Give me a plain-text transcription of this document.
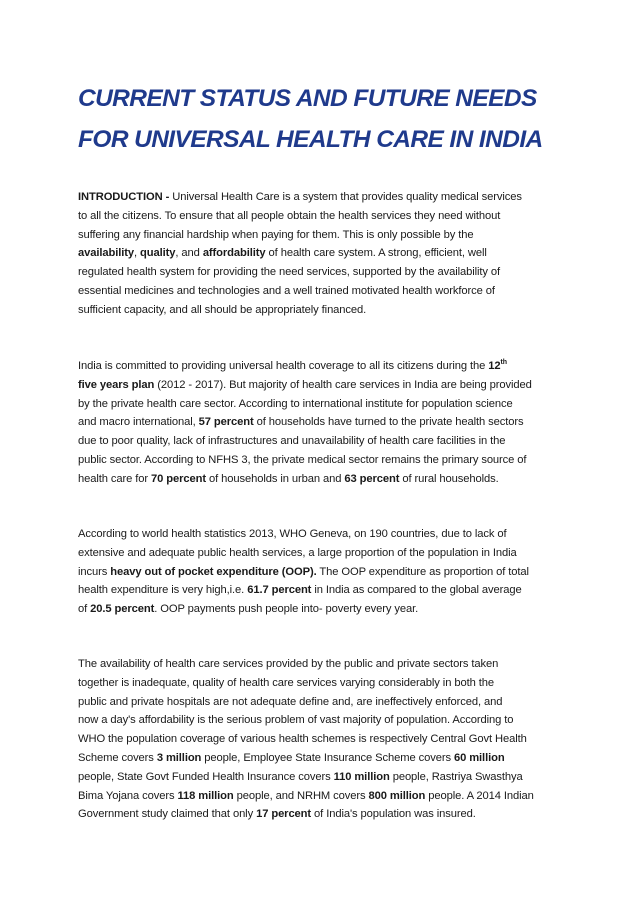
CURRENT STATUS AND FUTURE NEEDS
FOR UNIVERSAL HEALTH CARE IN INDIA

INTRODUCTION - Universal Health Care is a system that provides quality medical services
to all the citizens. To ensure that all people obtain the health services they need without
suffering any financial hardship when paying for them. This is only possible by the
availability, quality, and affordability of health care system. A strong, efficient, well
regulated health system for providing the need services, supported by the availability of
essential medicines and technologies and a well trained motivated health workforce of
sufficient capacity, and all should be appropriately financed.

India is committed to providing universal health coverage to all its citizens during the 12th
five years plan (2012 - 2017). But majority of health care services in India are being provided
by the private health care sector. According to international institute for population science
and macro international, 57 percent of households have turned to the private health sectors
due to poor quality, lack of infrastructures and unavailability of health care facilities in the
public sector. According to NFHS 3, the private medical sector remains the primary source of
health care for 70 percent of households in urban and 63 percent of rural households.

According to world health statistics 2013, WHO Geneva, on 190 countries, due to lack of
extensive and adequate public health services, a large proportion of the population in India
incurs heavy out of pocket expenditure (OOP). The OOP expenditure as proportion of total
health expenditure is very high,i.e. 61.7 percent in India as compared to the global average
of 20.5 percent. OOP payments push people into- poverty every year.

The availability of health care services provided by the public and private sectors taken
together is inadequate, quality of health care services varying considerably in both the
public and private hospitals are not adequate define and, are ineffectively enforced, and
now a day's affordability is the serious problem of vast majority of population. According to
WHO the population coverage of various health schemes is respectively Central Govt Health
Scheme covers 3 million people, Employee State Insurance Scheme covers 60 million
people, State Govt Funded Health Insurance covers 110 million people, Rastriya Swasthya
Bima Yojana covers 118 million people, and NRHM covers 800 million people. A 2014 Indian
Government study claimed that only 17 percent of India's population was insured.
